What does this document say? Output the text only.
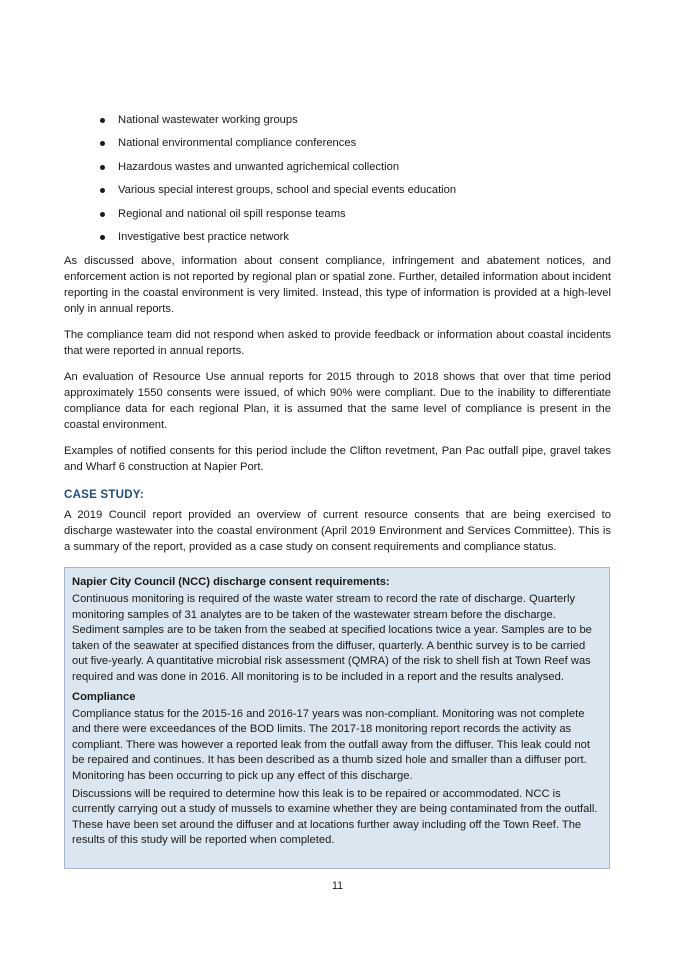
National wastewater working groups
National environmental compliance conferences
Hazardous wastes and unwanted agrichemical collection
Various special interest groups, school and special events education
Regional and national oil spill response teams
Investigative best practice network

As discussed above, information about consent compliance, infringement and abatement notices, and enforcement action is not reported by regional plan or spatial zone. Further, detailed information about incident reporting in the coastal environment is very limited. Instead, this type of information is provided at a high-level only in annual reports.

The compliance team did not respond when asked to provide feedback or information about coastal incidents that were reported in annual reports.

An evaluation of Resource Use annual reports for 2015 through to 2018 shows that over that time period approximately 1550 consents were issued, of which 90% were compliant. Due to the inability to differentiate compliance data for each regional Plan, it is assumed that the same level of compliance is present in the coastal environment.

Examples of notified consents for this period include the Clifton revetment, Pan Pac outfall pipe, gravel takes and Wharf 6 construction at Napier Port.

CASE STUDY:

A 2019 Council report provided an overview of current resource consents that are being exercised to discharge wastewater into the coastal environment (April 2019 Environment and Services Committee). This is a summary of the report, provided as a case study on consent requirements and compliance status.

Napier City Council (NCC) discharge consent requirements:

Continuous monitoring is required of the waste water stream to record the rate of discharge. Quarterly monitoring samples of 31 analytes are to be taken of the wastewater stream before the discharge. Sediment samples are to be taken from the seabed at specified locations twice a year. Samples are to be taken of the seawater at specified distances from the diffuser, quarterly. A benthic survey is to be carried out five-yearly. A quantitative microbial risk assessment (QMRA) of the risk to shell fish at Town Reef was required and was done in 2016. All monitoring is to be included in a report and the results analysed.

Compliance

Compliance status for the 2015-16 and 2016-17 years was non-compliant. Monitoring was not complete and there were exceedances of the BOD limits. The 2017-18 monitoring report records the activity as compliant. There was however a reported leak from the outfall away from the diffuser. This leak could not be repaired and continues. It has been described as a thumb sized hole and smaller than a diffuser port. Monitoring has been occurring to pick up any effect of this discharge.

Discussions will be required to determine how this leak is to be repaired or accommodated. NCC is currently carrying out a study of mussels to examine whether they are being contaminated from the outfall. These have been set around the diffuser and at locations further away including off the Town Reef. The results of this study will be reported when completed.

11
